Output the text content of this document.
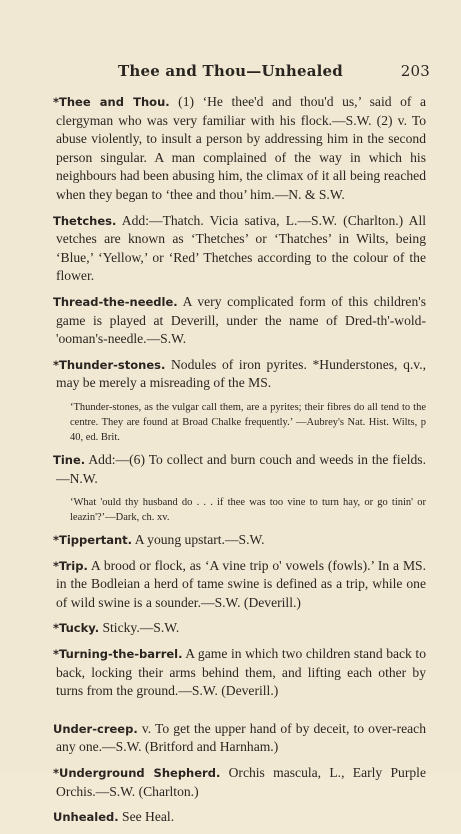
Thee and Thou—Unhealed	203

*Thee and Thou. (1) ‘He thee'd and thou'd us,’ said of a clergyman who was very familiar with his flock.—S.W. (2) v. To abuse violently, to insult a person by addressing him in the second person singular. A man complained of the way in which his neighbours had been abusing him, the climax of it all being reached when they began to ‘thee and thou’ him.—N. & S.W.

Thetches. Add:—Thatch. Vicia sativa, L.—S.W. (Charlton.) All vetches are known as ‘Thetches’ or ‘Thatches’ in Wilts, being ‘Blue,’ ‘Yellow,’ or ‘Red’ Thetches according to the colour of the flower.

Thread-the-needle. A very complicated form of this children's game is played at Deverill, under the name of Dred-th'-wold-'ooman's-needle.—S.W.

*Thunder-stones. Nodules of iron pyrites. *Hunderstones, q.v., may be merely a misreading of the MS.

‘Thunder-stones, as the vulgar call them, are a pyrites; their fibres do all tend to the centre. They are found at Broad Chalke frequently.’ —Aubrey's Nat. Hist. Wilts, p 40, ed. Brit.

Tine. Add:—(6) To collect and burn couch and weeds in the fields.—N.W.

‘What 'ould thy husband do . . . if thee was too vine to turn hay, or go tinin' or leazin'?’—Dark, ch. xv.

*Tippertant. A young upstart.—S.W.

*Trip. A brood or flock, as ‘A vine trip o' vowels (fowls).’ In a MS. in the Bodleian a herd of tame swine is defined as a trip, while one of wild swine is a sounder.—S.W. (Deverill.)

*Tucky. Sticky.—S.W.

*Turning-the-barrel. A game in which two children stand back to back, locking their arms behind them, and lifting each other by turns from the ground.—S.W. (Deverill.)

Under-creep. v. To get the upper hand of by deceit, to over-reach any one.—S.W. (Britford and Harnham.)

*Underground Shepherd. Orchis mascula, L., Early Purple Orchis.—S.W. (Charlton.)

Unhealed. See Heal.
